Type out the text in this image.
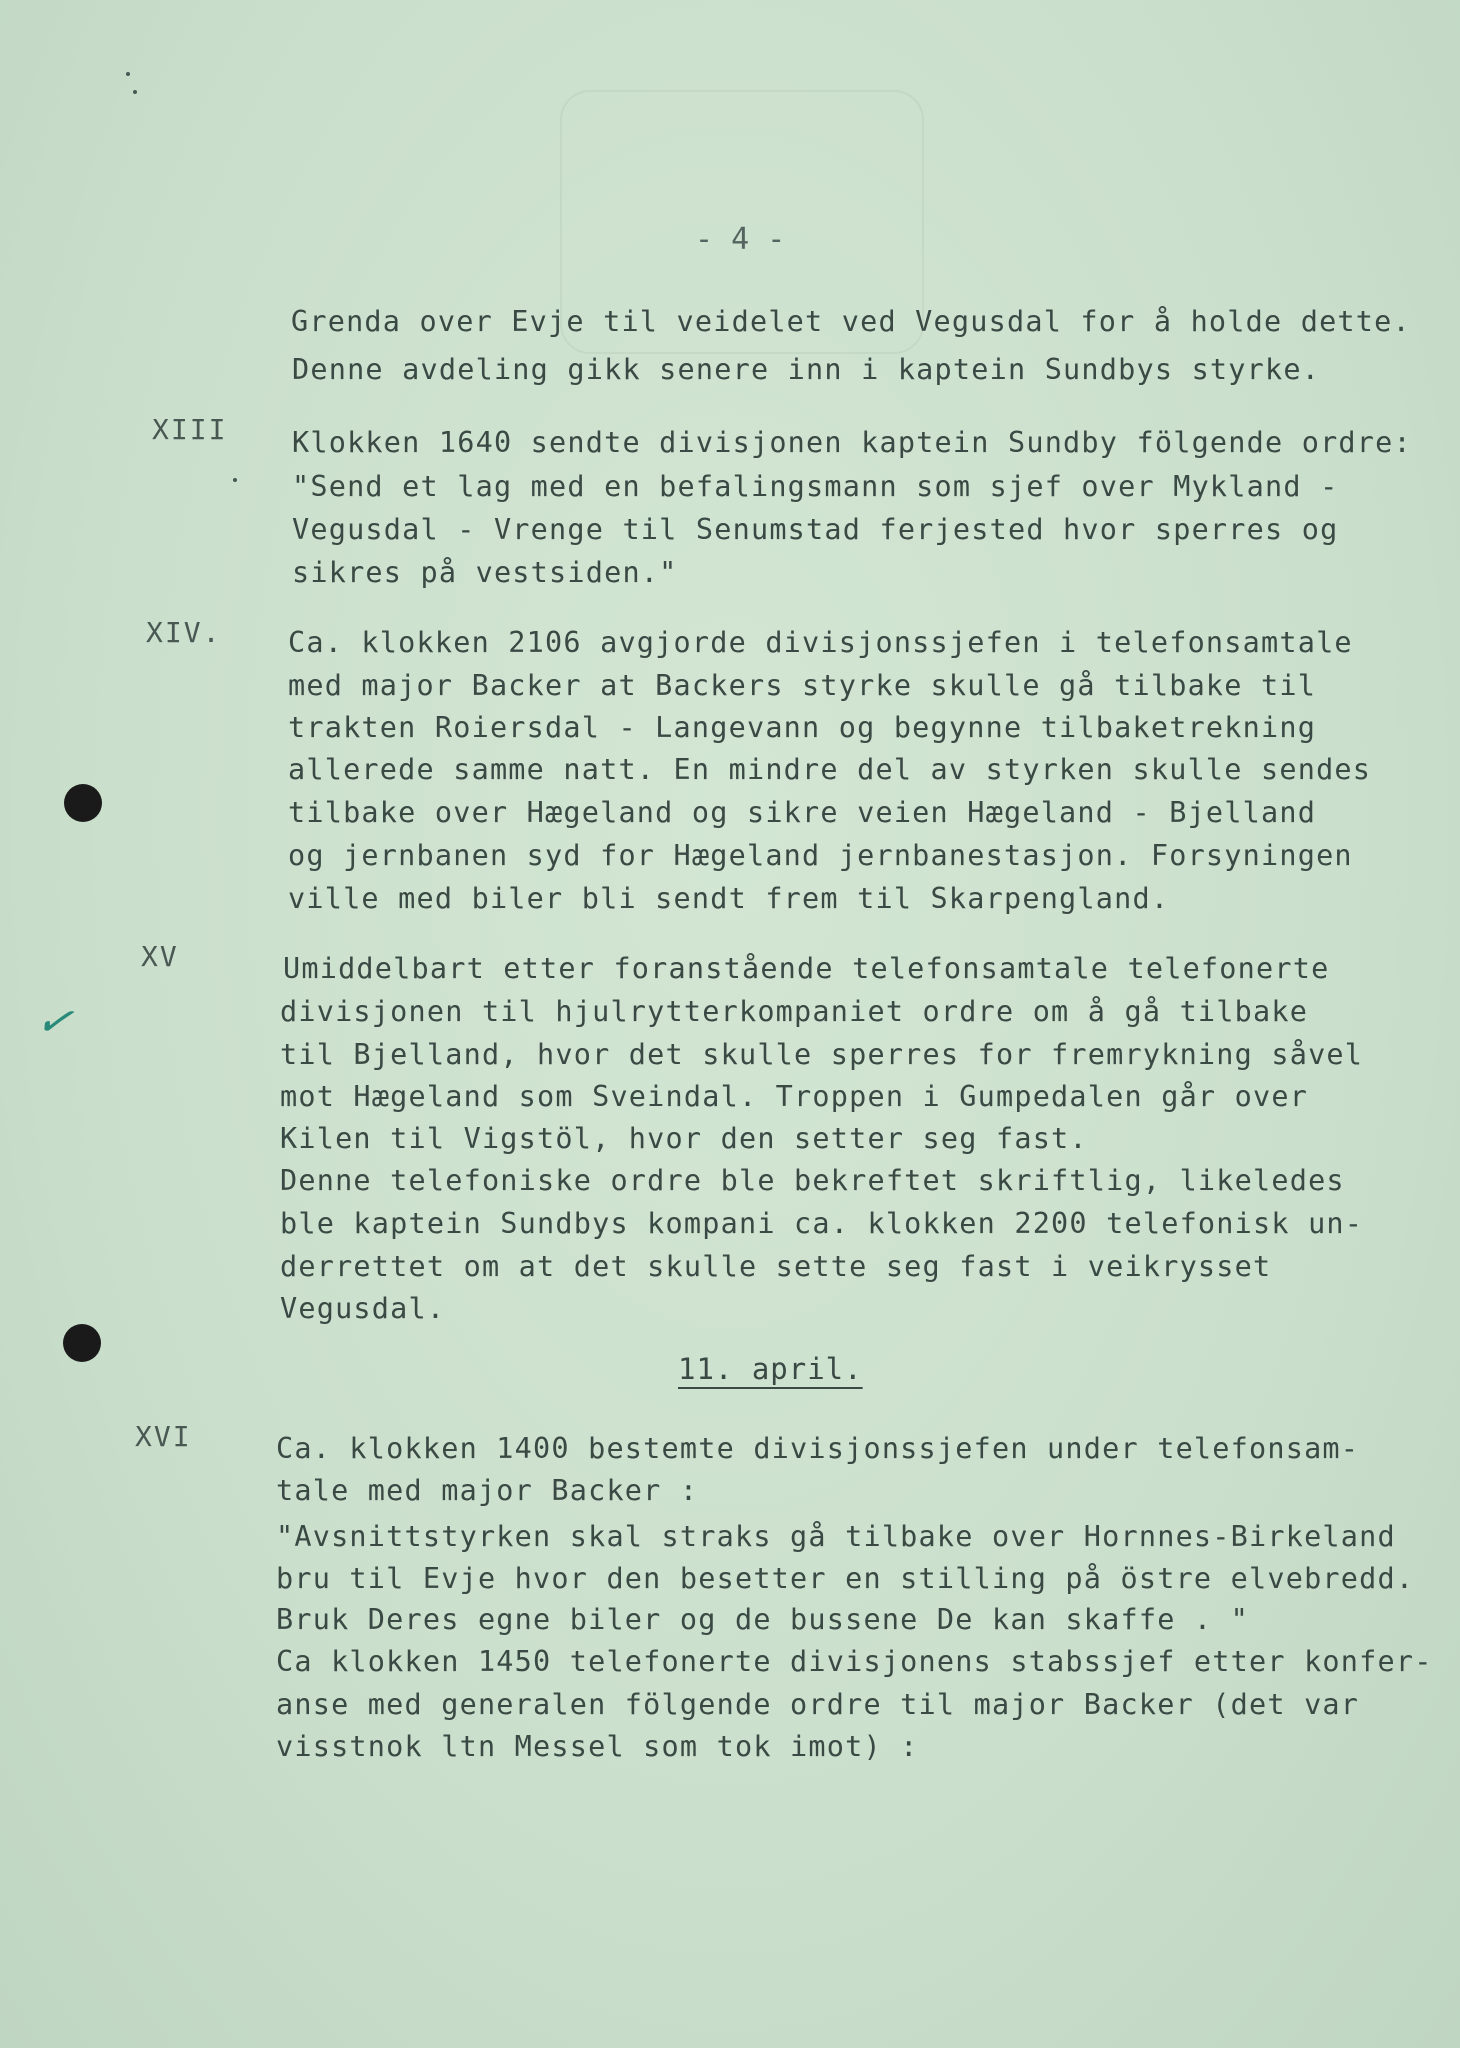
- 4 -
Grenda over Evje til veidelet ved Vegusdal for å holde dette.
Denne avdeling gikk senere inn i kaptein Sundbys styrke.
XIII Klokken 1640 sendte divisjonen kaptein Sundby fölgende ordre:
"Send et lag med en befalingsmann som sjef over Mykland -
Vegusdal - Vrenge til Senumstad ferjested hvor sperres og
sikres på vestsiden."
XIV. Ca. klokken 2106 avgjorde divisjonssjefen i telefonsamtale
med major Backer at Backers styrke skulle gå tilbake til
trakten Roiersdal - Langevann og begynne tilbaketrekning
allerede samme natt. En mindre del av styrken skulle sendes
tilbake over Hægeland og sikre veien Hægeland - Bjelland
og jernbanen syd for Hægeland jernbanestasjon. Forsyningen
ville med biler bli sendt frem til Skarpengland.
XV	Umiddelbart etter foranstående telefonsamtale telefonerte
divisjonen til hjulrytterkompaniet ordre om å gå tilbake
til Bjelland, hvor det skulle sperres for fremrykning såvel
mot Hægeland som Sveindal. Troppen i Gumpedalen går over
Kilen til Vigstöl, hvor den setter seg fast.
Denne telefoniske ordre ble bekreftet skriftlig, likeledes
ble kaptein Sundbys kompani ca. klokken 2200 telefonisk un-
derrettet om at det skulle sette seg fast i veikrysset
Vegusdal.
11. april.
XVI	Ca. klokken 1400 bestemte divisjonssjefen under telefonsam-
tale med major Backer :
"Avsnittstyrken skal straks gå tilbake over Hornnes-Birkeland
bru til Evje hvor den besetter en stilling på östre elvebredd.
Bruk Deres egne biler og de bussene De kan skaffe . "
Ca klokken 1450 telefonerte divisjonens stabssjef etter konfer-
anse med generalen fölgende ordre til major Backer (det var
visstnok ltn Messel som tok imot) :
✓
